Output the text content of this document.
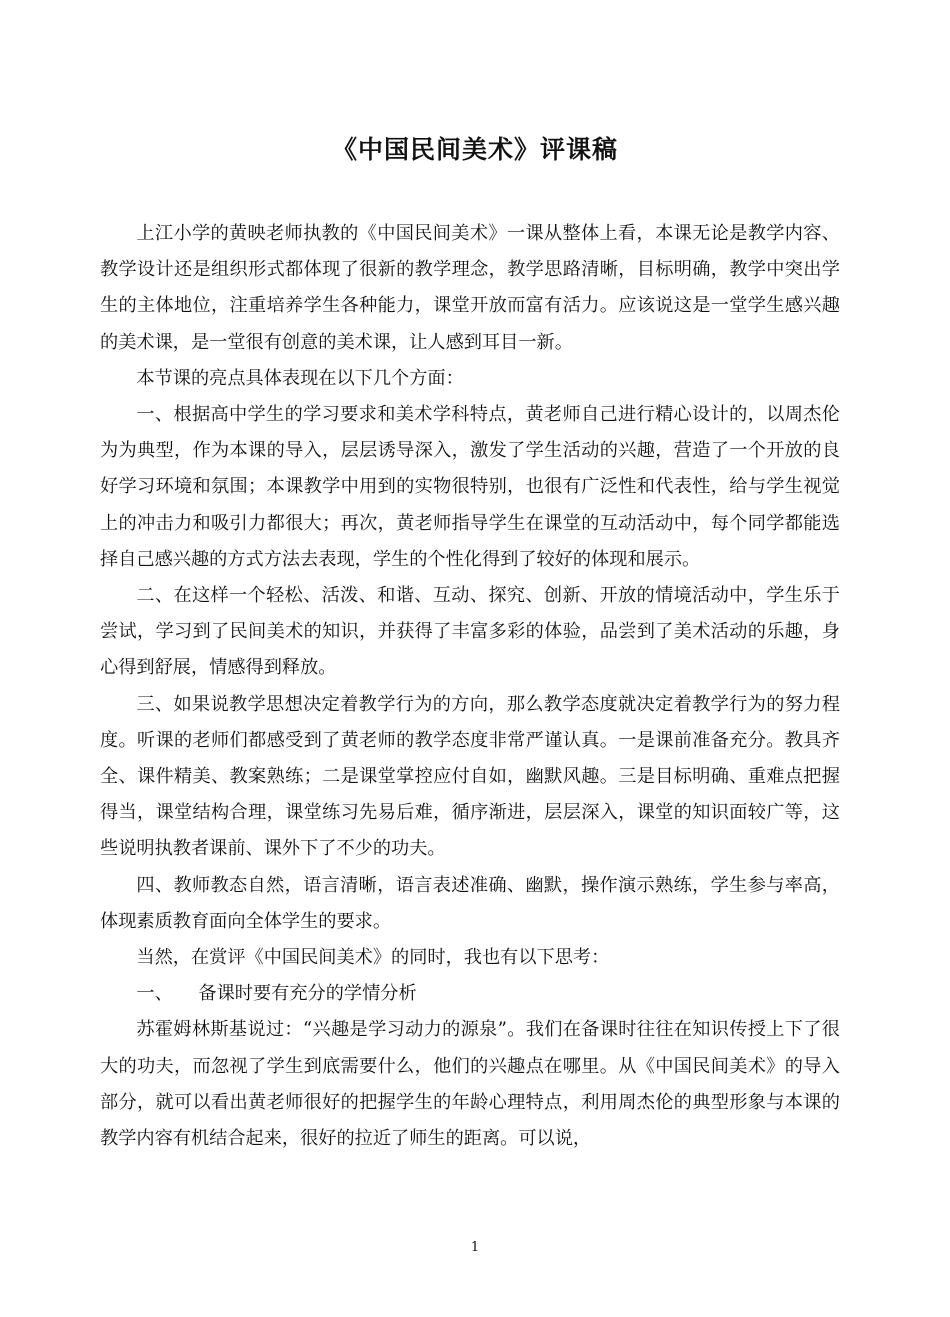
《中国民间美术》评课稿

上江小学的黄映老师执教的《中国民间美术》一课从整体上看，本课无论是教学内容、教学设计还是组织形式都体现了很新的教学理念，教学思路清晰，目标明确，教学中突出学生的主体地位，注重培养学生各种能力，课堂开放而富有活力。应该说这是一堂学生感兴趣的美术课，是一堂很有创意的美术课，让人感到耳目一新。

本节课的亮点具体表现在以下几个方面：

一、根据高中学生的学习要求和美术学科特点，黄老师自己进行精心设计的，以周杰伦为为典型，作为本课的导入，层层诱导深入，激发了学生活动的兴趣，营造了一个开放的良好学习环境和氛围；本课教学中用到的实物很特别，也很有广泛性和代表性，给与学生视觉上的冲击力和吸引力都很大；再次，黄老师指导学生在课堂的互动活动中，每个同学都能选择自己感兴趣的方式方法去表现，学生的个性化得到了较好的体现和展示。

二、在这样一个轻松、活泼、和谐、互动、探究、创新、开放的情境活动中，学生乐于尝试，学习到了民间美术的知识，并获得了丰富多彩的体验，品尝到了美术活动的乐趣，身心得到舒展，情感得到释放。

三、如果说教学思想决定着教学行为的方向，那么教学态度就决定着教学行为的努力程度。听课的老师们都感受到了黄老师的教学态度非常严谨认真。一是课前准备充分。教具齐全、课件精美、教案熟练；二是课堂掌控应付自如，幽默风趣。三是目标明确、重难点把握得当，课堂结构合理，课堂练习先易后难，循序渐进，层层深入，课堂的知识面较广等，这些说明执教者课前、课外下了不少的功夫。

四、教师教态自然，语言清晰，语言表述准确、幽默，操作演示熟练，学生参与率高，体现素质教育面向全体学生的要求。

当然，在赏评《中国民间美术》的同时，我也有以下思考：

一、 备课时要有充分的学情分析

苏霍姆林斯基说过：“兴趣是学习动力的源泉”。我们在备课时往往在知识传授上下了很大的功夫，而忽视了学生到底需要什么，他们的兴趣点在哪里。从《中国民间美术》的导入部分，就可以看出黄老师很好的把握学生的年龄心理特点，利用周杰伦的典型形象与本课的教学内容有机结合起来，很好的拉近了师生的距离。可以说，

1
